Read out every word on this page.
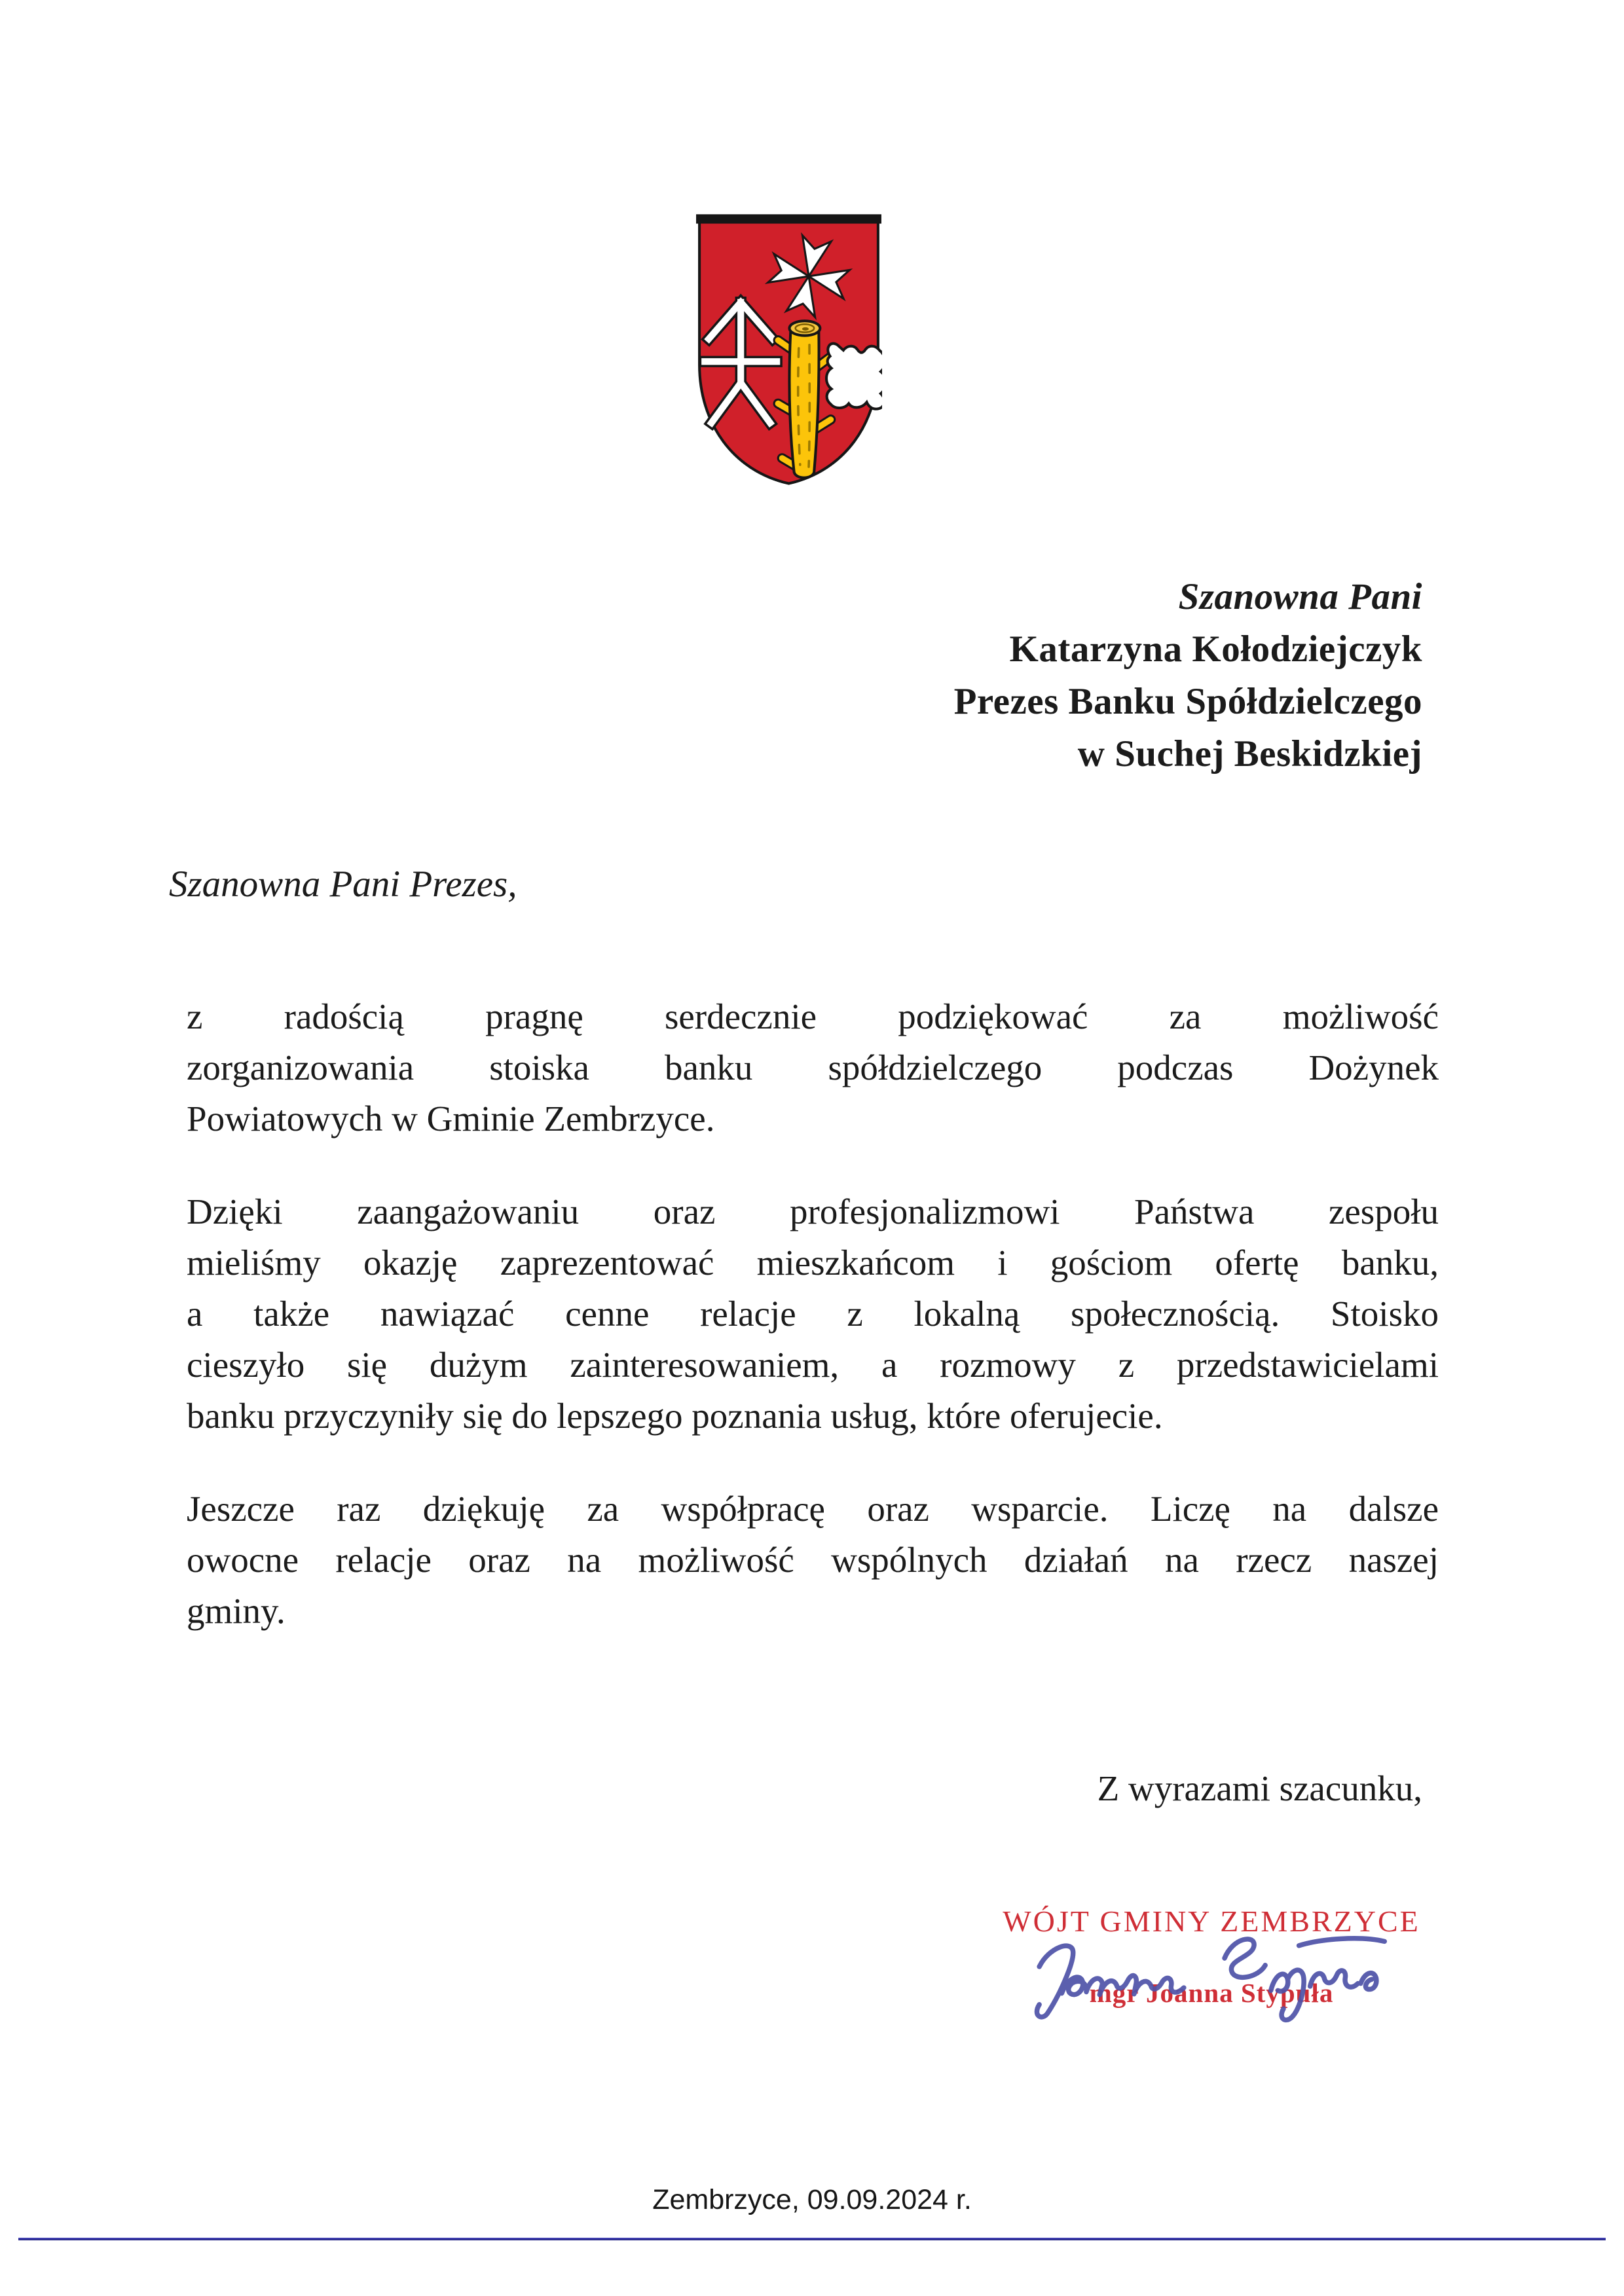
Szanowna Pani
Katarzyna Kołodziejczyk
Prezes Banku Spółdzielczego
w Suchej Beskidzkiej
Szanowna Pani Prezes,
z radością pragnę serdecznie podziękować za możliwość
zorganizowania stoiska banku spółdzielczego podczas Dożynek
Powiatowych w Gminie Zembrzyce.
Dzięki zaangażowaniu oraz profesjonalizmowi Państwa zespołu
mieliśmy okazję zaprezentować mieszkańcom i gościom ofertę banku,
a także nawiązać cenne relacje z lokalną społecznością. Stoisko
cieszyło się dużym zainteresowaniem, a rozmowy z przedstawicielami
banku przyczyniły się do lepszego poznania usług, które oferujecie.
Jeszcze raz dziękuję za współpracę oraz wsparcie. Liczę na dalsze
owocne relacje oraz na możliwość wspólnych działań na rzecz naszej
gminy.
Z wyrazami szacunku,
WÓJT GMINY ZEMBRZYCE
mgr Joanna Stypuła
Zembrzyce, 09.09.2024 r.
